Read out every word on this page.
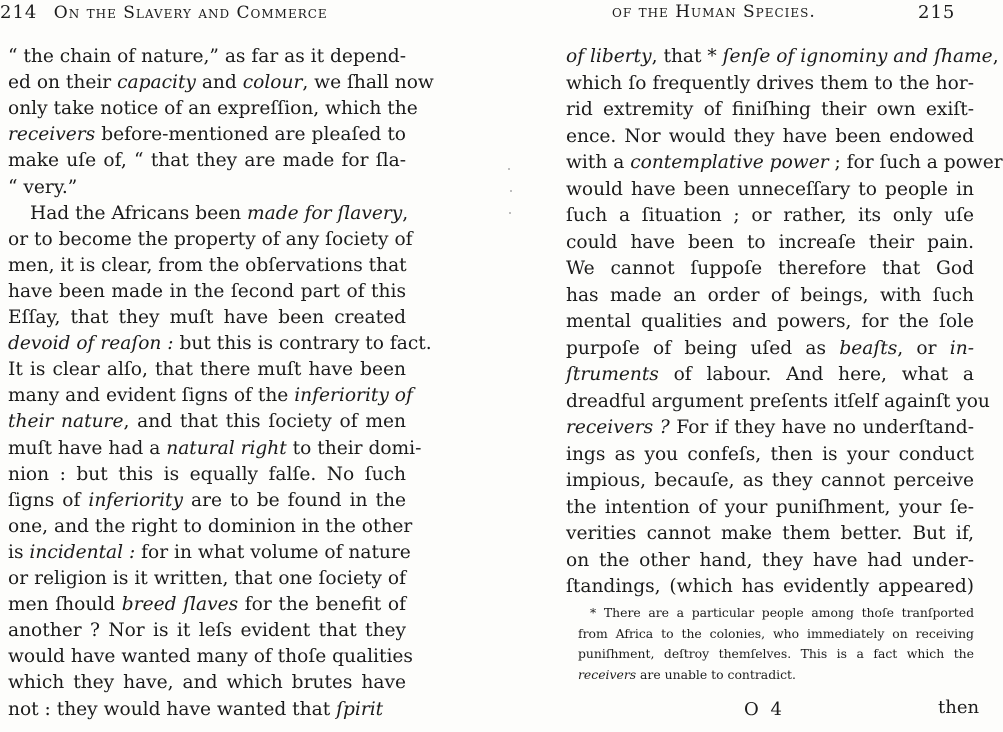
214 On the Slavery and Commerce
“ the chain of nature,” as far as it depend-
ed on their capacity and colour, we ſhall now
only take notice of an expreſſion, which the
receivers before-mentioned are pleaſed to
make uſe of, “ that they are made for ſla-
“ very.”
Had the Africans been made for ſlavery,
or to become the property of any ſociety of
men, it is clear, from the obſervations that
have been made in the ſecond part of this
Eſſay, that they muſt have been created
devoid of reaſon : but this is contrary to fact.
It is clear alſo, that there muſt have been
many and evident ſigns of the inferiority of
their nature, and that this ſociety of men
muſt have had a natural right to their domi-
nion : but this is equally falſe. No ſuch
ſigns of inferiority are to be found in the
one, and the right to dominion in the other
is incidental : for in what volume of nature
or religion is it written, that one ſociety of
men ſhould breed ſlaves for the benefit of
another ? Nor is it leſs evident that they
would have wanted many of thoſe qualities
which they have, and which brutes have
not : they would have wanted that ſpirit
of the Human Species.	215
of liberty, that * ſenſe of ignominy and ſhame,
which ſo frequently drives them to the hor-
rid extremity of finiſhing their own exiſt-
ence. Nor would they have been endowed
with a contemplative power ; for ſuch a power
would have been unneceſſary to people in
ſuch a ſituation ; or rather, its only uſe
could have been to increaſe their pain.
We cannot ſuppoſe therefore that God
has made an order of beings, with ſuch
mental qualities and powers, for the ſole
purpoſe of being uſed as beaſts, or in-
ſtruments of labour. And here, what a
dreadful argument preſents itſelf againſt you
receivers ? For if they have no underſtand-
ings as you confeſs, then is your conduct
impious, becauſe, as they cannot perceive
the intention of your puniſhment, your ſe-
verities cannot make them better. But if,
on the other hand, they have had under-
ſtandings, (which has evidently appeared)
* There are a particular people among thoſe tranſported
from Africa to the colonies, who immediately on receiving
puniſhment, deſtroy themſelves. This is a fact which the
receivers are unable to contradict.
O 4	then
